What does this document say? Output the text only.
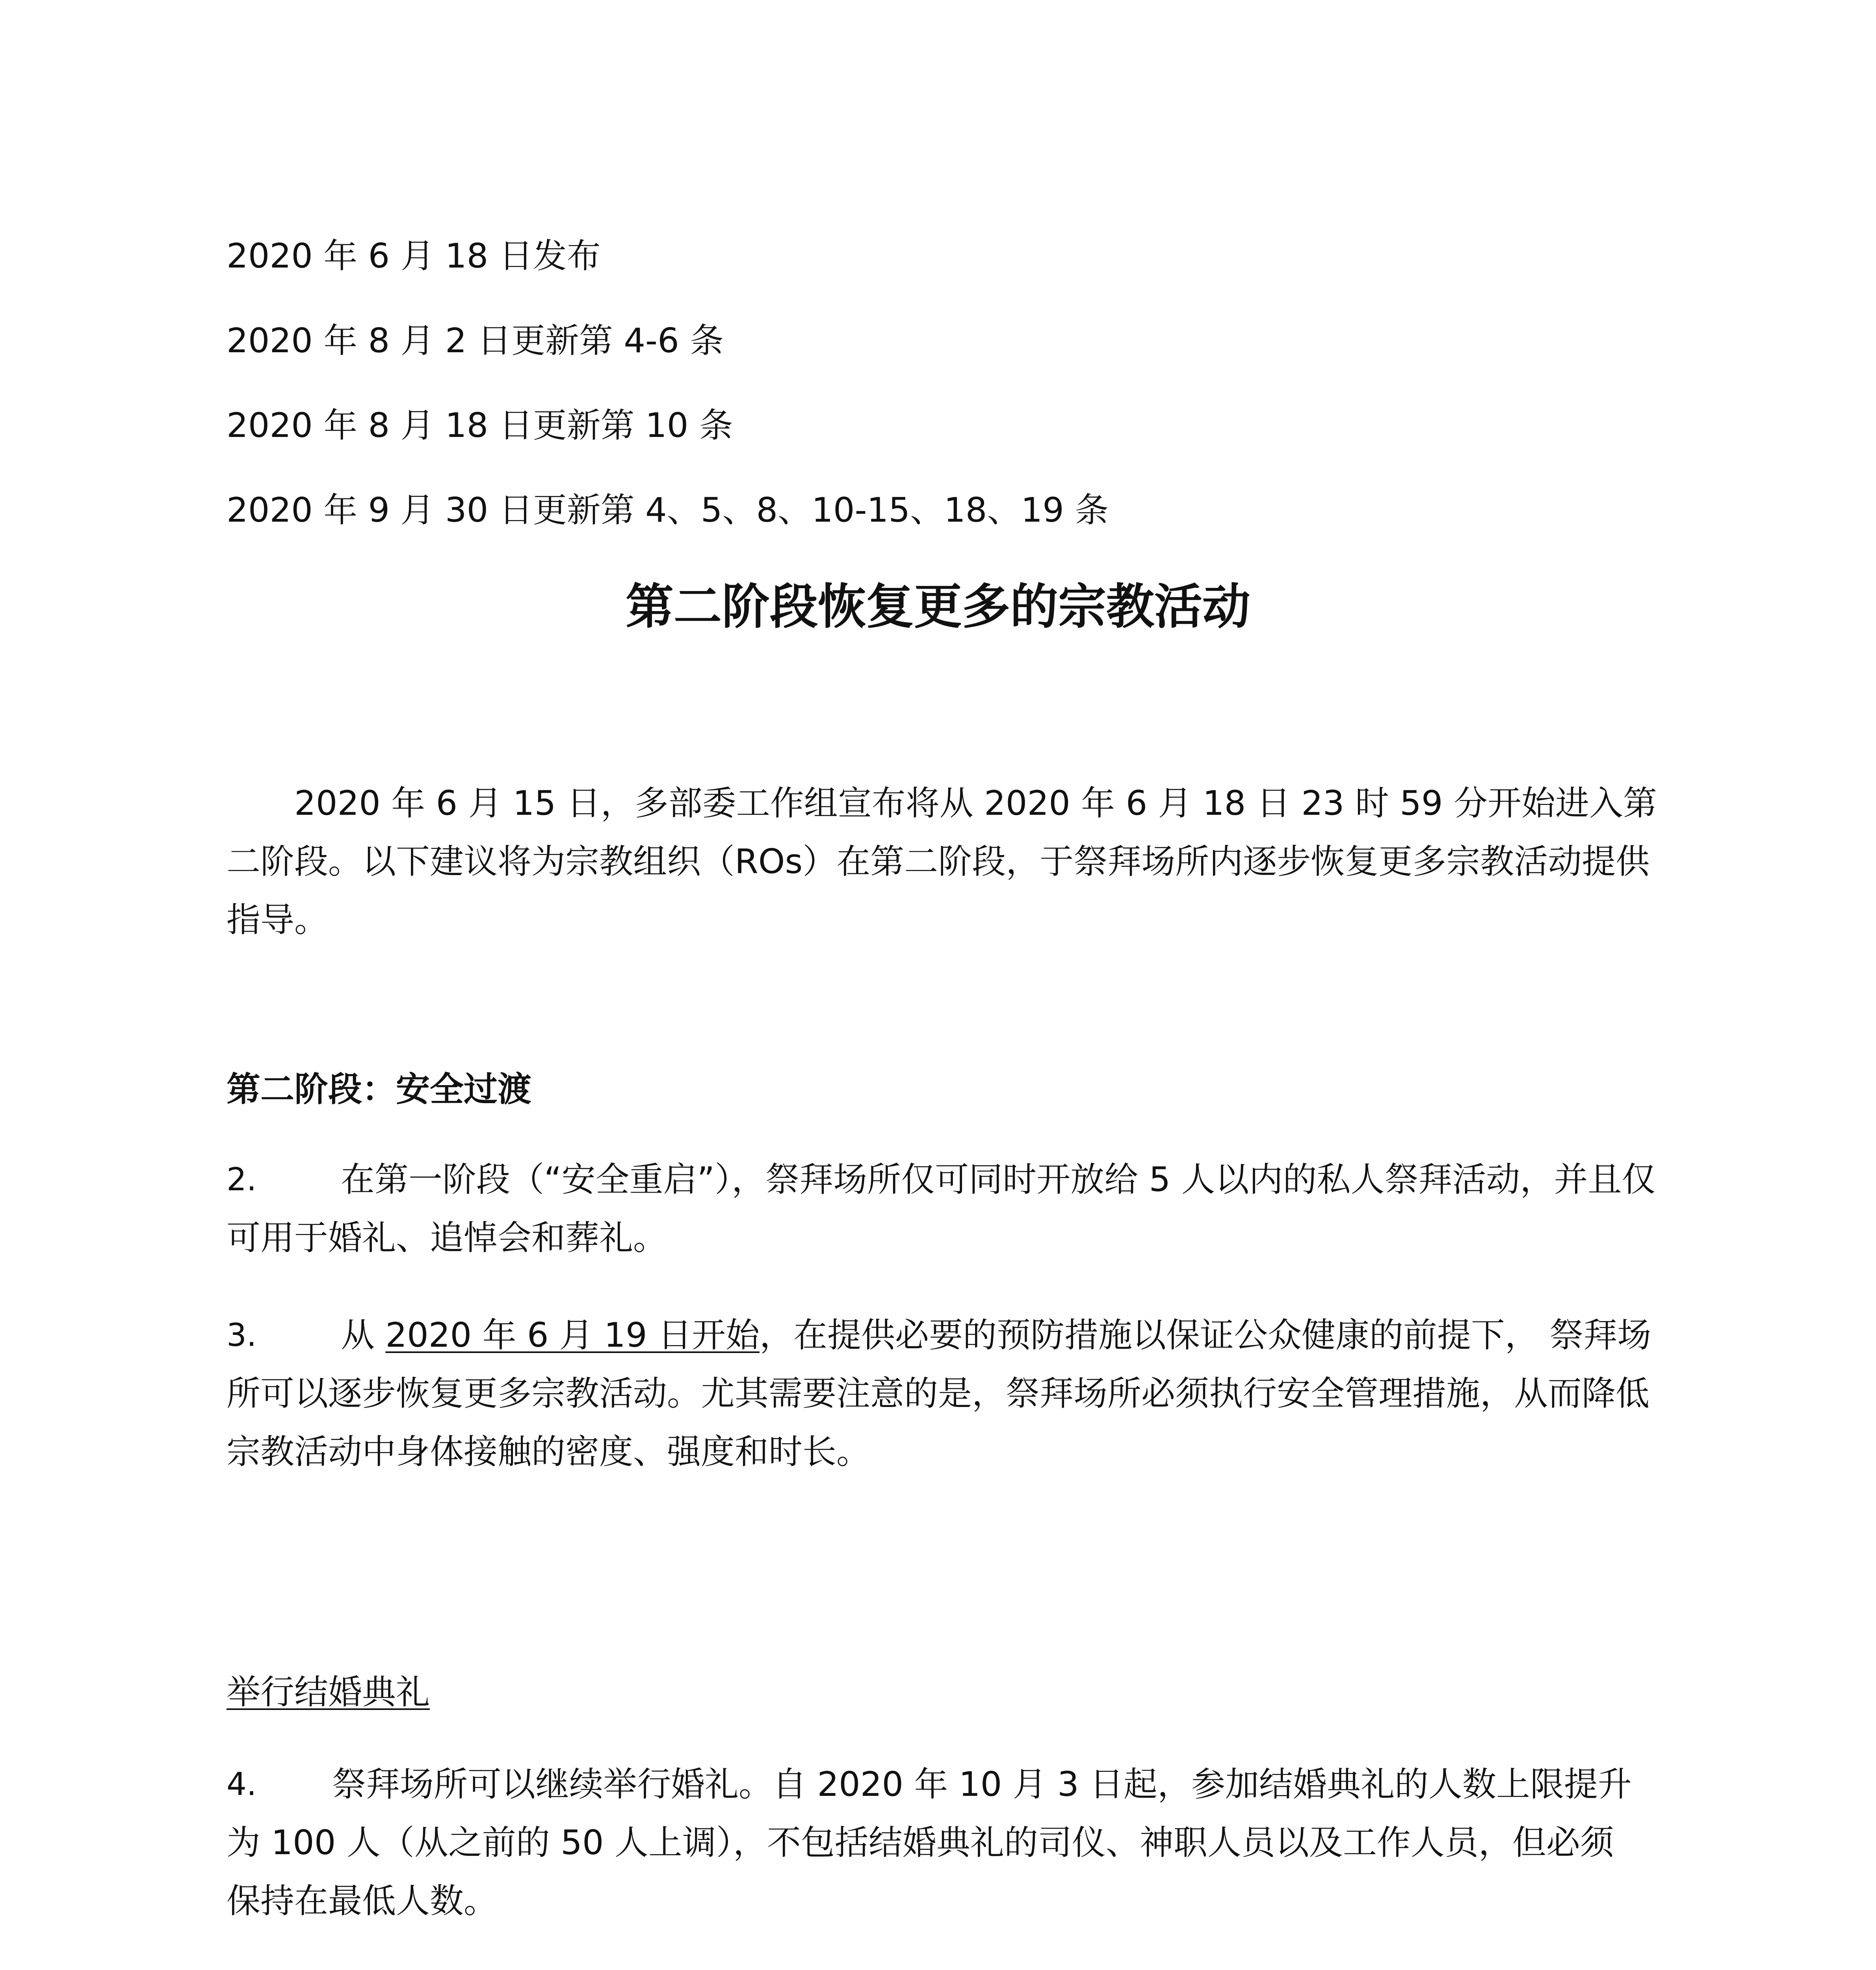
2020 年 6 月 18 日发布
2020 年 8 月 2 日更新第 4-6 条
2020 年 8 月 18 日更新第 10 条
2020 年 9 月 30 日更新第 4、5、8、10-15、18、19 条
第二阶段恢复更多的宗教活动
2020 年 6 月 15 日，多部委工作组宣布将从 2020 年 6 月 18 日 23 时 59 分开始进入第二阶段。以下建议将为宗教组织（ROs）在第二阶段，于祭拜场所内逐步恢复更多宗教活动提供指导。
第二阶段：安全过渡
2.	在第一阶段（“安全重启”），祭拜场所仅可同时开放给 5 人以内的私人祭拜活动，并且仅可用于婚礼、追悼会和葬礼。
3.	从 2020 年 6 月 19 日开始，在提供必要的预防措施以保证公众健康的前提下， 祭拜场所可以逐步恢复更多宗教活动。尤其需要注意的是，祭拜场所必须执行安全管理措施，从而降低宗教活动中身体接触的密度、强度和时长。
举行结婚典礼
4.	祭拜场所可以继续举行婚礼。自 2020 年 10 月 3 日起，参加结婚典礼的人数上限提升为 100 人（从之前的 50 人上调），不包括结婚典礼的司仪、神职人员以及工作人员，但必须保持在最低人数。
